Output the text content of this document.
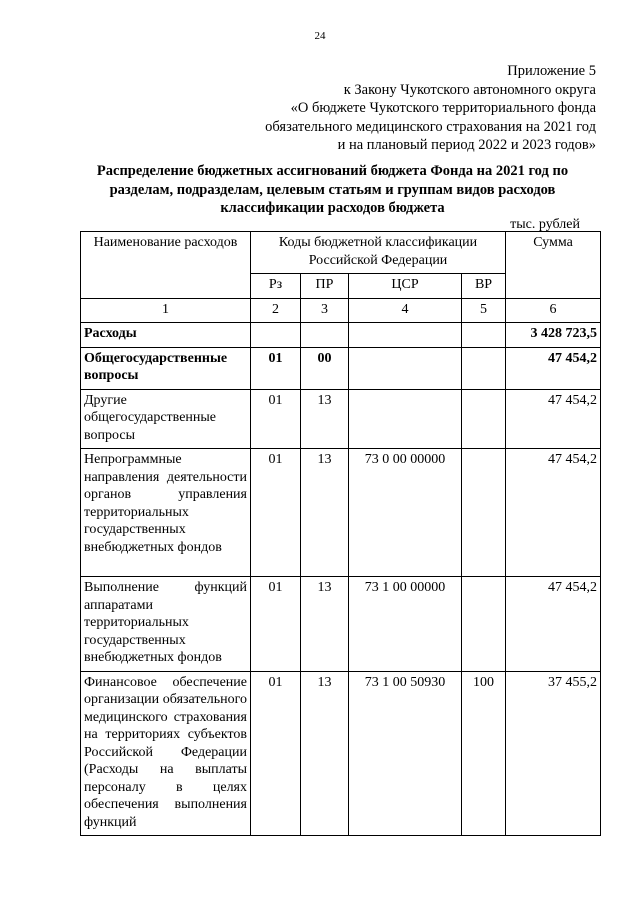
24
Приложение 5
к Закону Чукотского автономного округа
«О бюджете Чукотского территориального фонда
обязательного медицинского страхования на 2021 год
и на плановый период 2022 и 2023 годов»
Распределение бюджетных ассигнований бюджета Фонда на 2021 год по
разделам, подразделам, целевым статьям и группам видов расходов
классификации расходов бюджета
тыс. рублей
Наименование расходов	Коды бюджетной классификации Российской Федерации				Сумма
	Рз	ПР	ЦСР	ВР	
1	2	3	4	5	6
Расходы					3 428 723,5
Общегосударственные вопросы	01	00			47 454,2
Другие общегосударственные вопросы	01	13			47 454,2
Непрограммные направления деятельности органов управления территориальных государственных внебюджетных фондов	01	13	73 0 00 00000		47 454,2
Выполнение функций аппаратами территориальных государственных внебюджетных фондов	01	13	73 1 00 00000		47 454,2
Финансовое обеспечение организации обязательного медицинского страхования на территориях субъектов Российской Федерации (Расходы на выплаты персоналу в целях обеспечения выполнения функций	01	13	73 1 00 50930	100	37 455,2
